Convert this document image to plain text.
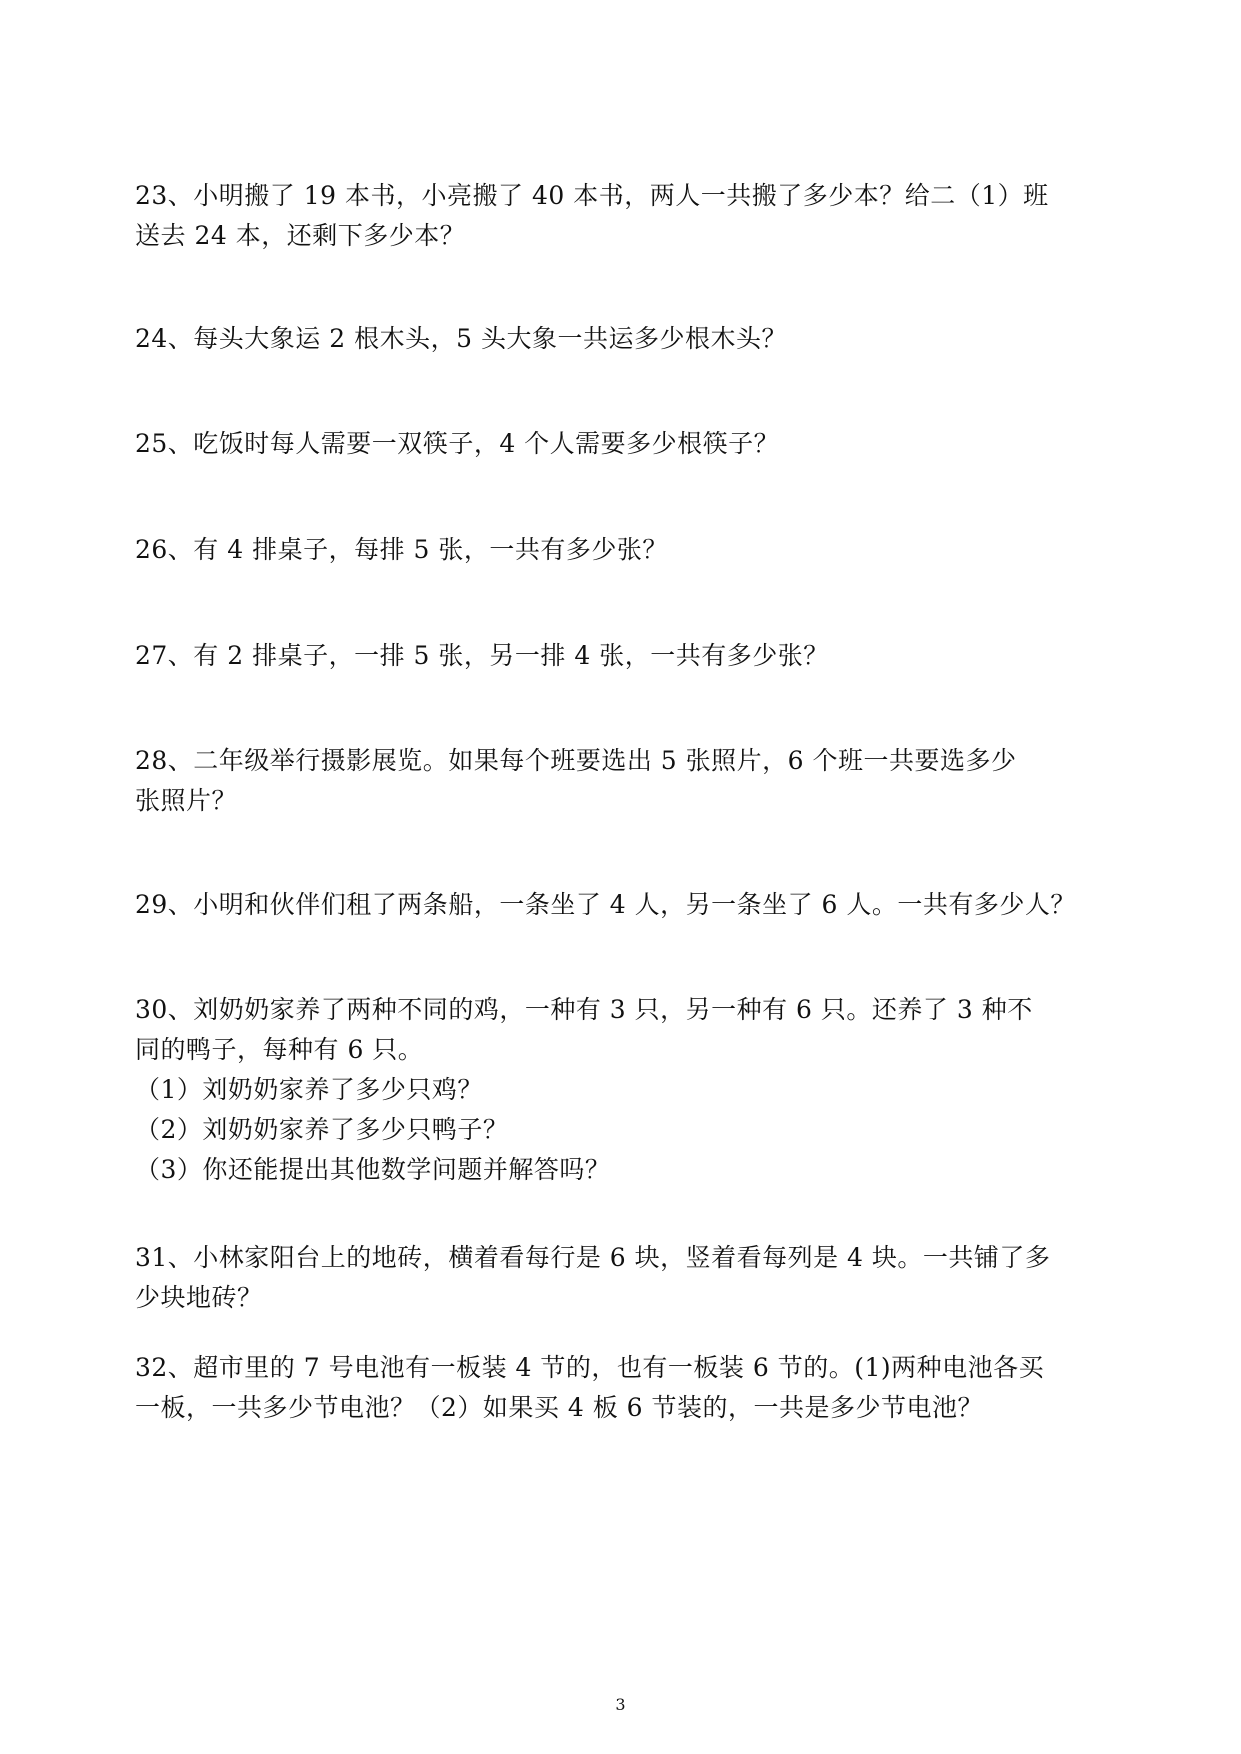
23、小明搬了 19 本书，小亮搬了 40 本书，两人一共搬了多少本？给二（1）班
送去 24 本，还剩下多少本？
24、每头大象运 2 根木头，5 头大象一共运多少根木头？
25、吃饭时每人需要一双筷子，4 个人需要多少根筷子？
26、有 4 排桌子，每排 5 张，一共有多少张？
27、有 2 排桌子，一排 5 张，另一排 4 张，一共有多少张？
28、二年级举行摄影展览。如果每个班要选出 5 张照片，6 个班一共要选多少
张照片？
29、小明和伙伴们租了两条船，一条坐了 4 人，另一条坐了 6 人。一共有多少人？
30、刘奶奶家养了两种不同的鸡，一种有 3 只，另一种有 6 只。还养了 3 种不
同的鸭子，每种有 6 只。
（1）刘奶奶家养了多少只鸡？
（2）刘奶奶家养了多少只鸭子？
（3）你还能提出其他数学问题并解答吗？
31、小林家阳台上的地砖，横着看每行是 6 块，竖着看每列是 4 块。一共铺了多
少块地砖？
32、超市里的 7 号电池有一板装 4 节的，也有一板装 6 节的。(1)两种电池各买
一板，一共多少节电池？（2）如果买 4 板 6 节装的，一共是多少节电池？
3
